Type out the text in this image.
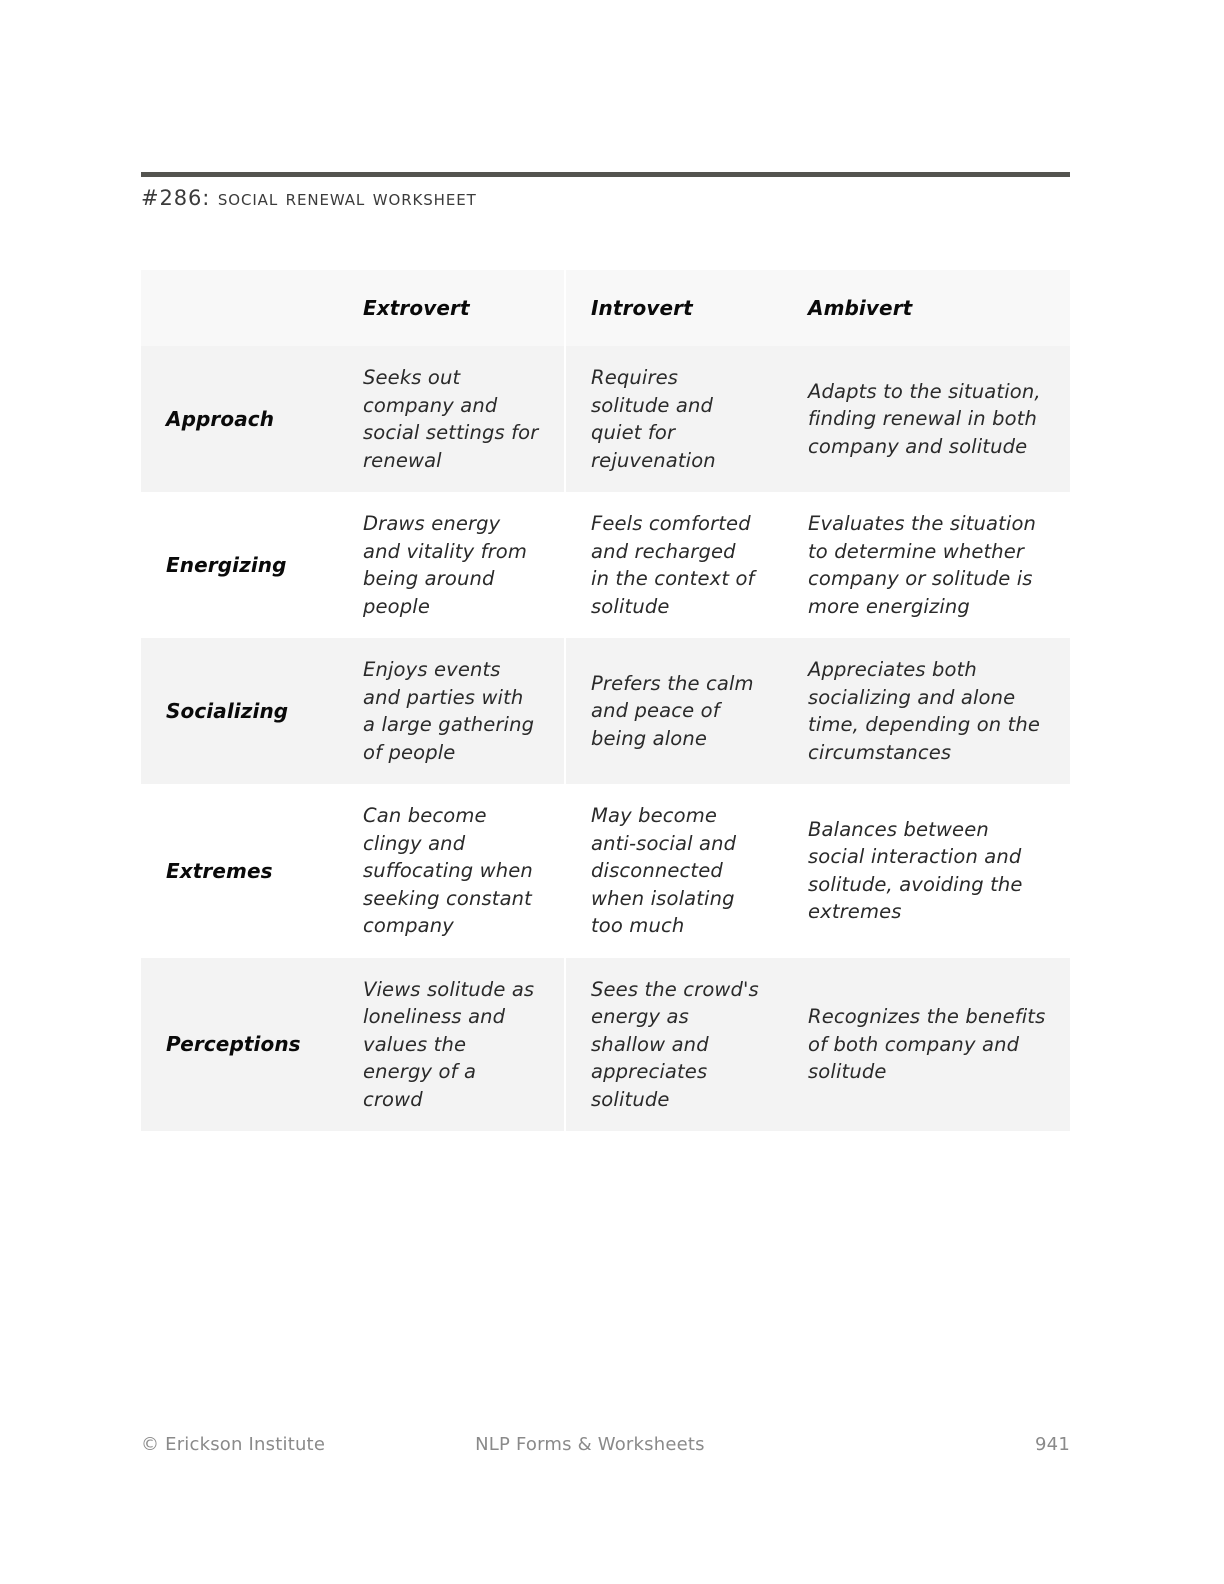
#286: social renewal worksheet

	Extrovert	Introvert	Ambivert

Approach	Seeks out company and social settings for renewal	Requires solitude and quiet for rejuvenation	Adapts to the situation, finding renewal in both company and solitude

Energizing	Draws energy and vitality from being around people	Feels comforted and recharged in the context of solitude	Evaluates the situation to determine whether company or solitude is more energizing

Socializing	Enjoys events and parties with a large gathering of people	Prefers the calm and peace of being alone	Appreciates both socializing and alone time, depending on the circumstances

Extremes	Can become clingy and suffocating when seeking constant company	May become anti-social and disconnected when isolating too much	Balances between social interaction and solitude, avoiding the extremes

Perceptions	Views solitude as loneliness and values the energy of a crowd	Sees the crowd's energy as shallow and appreciates solitude	Recognizes the benefits of both company and solitude
© Erickson Institute	NLP Forms & Worksheets	941
